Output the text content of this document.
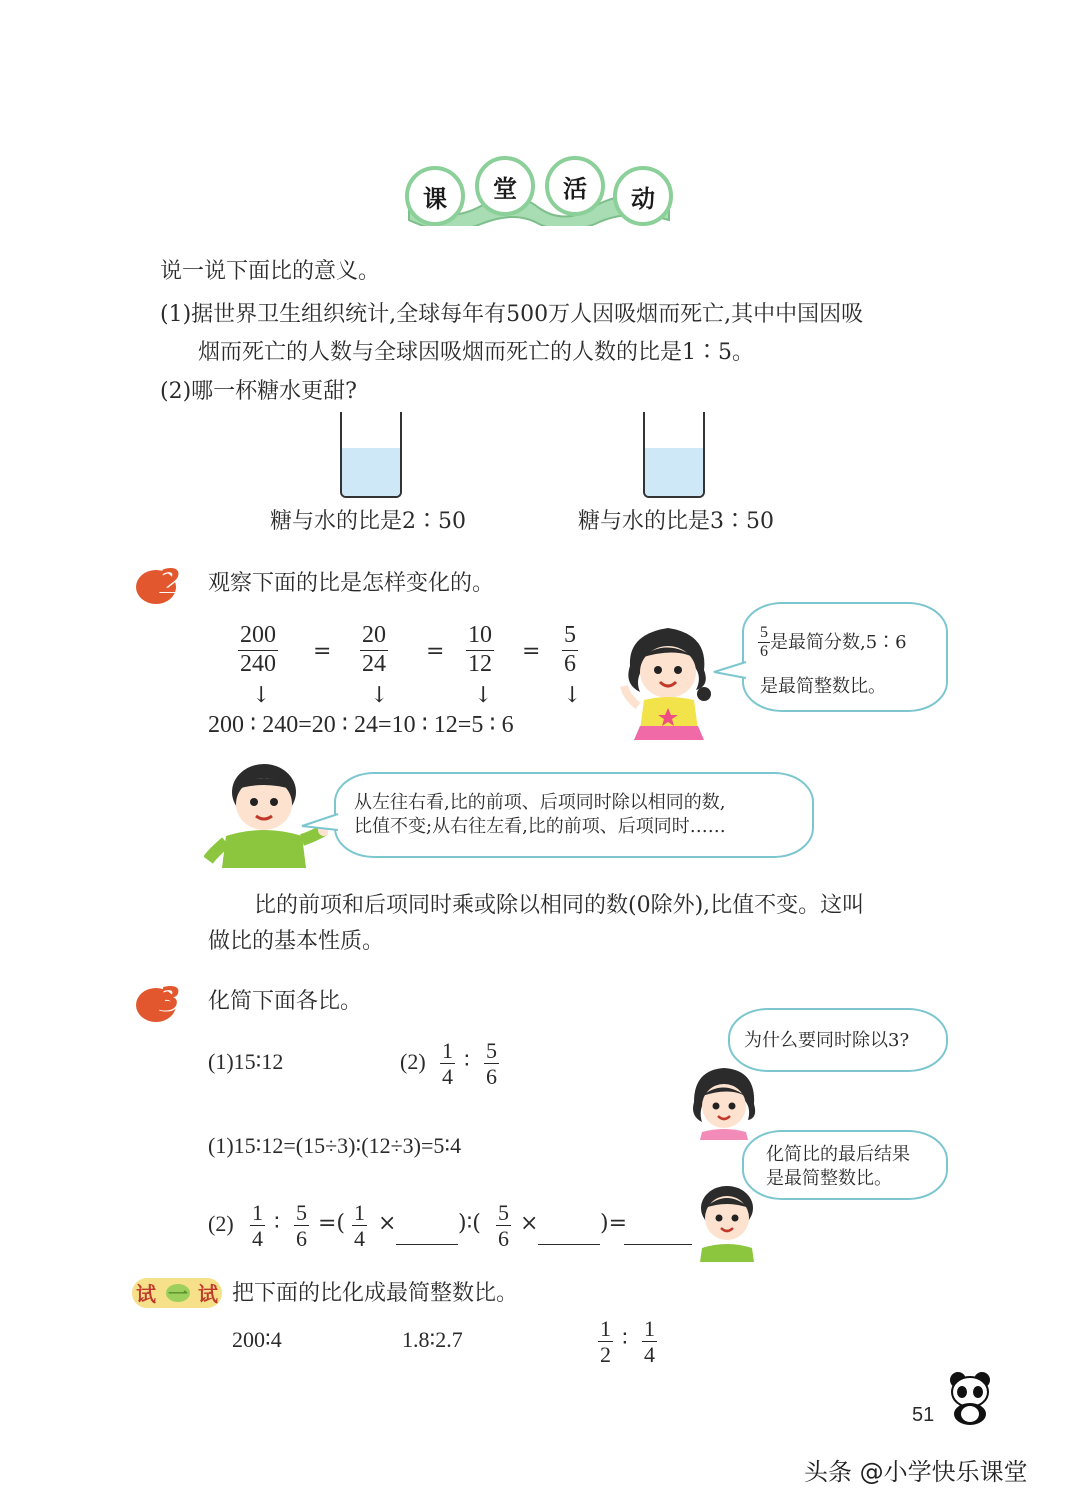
课	堂	活	动
说一说下面比的意义。
(1)据世界卫生组织统计,全球每年有500万人因吸烟而死亡,其中中国因吸
烟而死亡的人数与全球因吸烟而死亡的人数的比是1∶5。
(2)哪一杯糖水更甜?
糖与水的比是2∶50	糖与水的比是3∶50
2 观察下面的比是怎样变化的。
$\frac{200}{240} = \frac{20}{24} = \frac{10}{12} = \frac{5}{6}$
↓	↓	↓	↓
200 ∶ 240=20 ∶ 24=10 ∶ 12=5 ∶ 6
$\frac{5}{6}$ 是最简分数,5∶6
是最简整数比。
从左往右看,比的前项、后项同时除以相同的数,
比值不变;从右往左看,比的前项、后项同时……
比的前项和后项同时乘或除以相同的数(0除外),比值不变。这叫
做比的基本性质。
3 化简下面各比。
(1)15∶12	$(2) \frac{1}{4}$ ∶ $\frac{5}{6}$	为什么要同时除以3?
(1)15∶12=(15÷3)∶(12÷3)=5∶4	化简比的最后结果
是最简整数比。
$(2) \frac{1}{4}$ ∶ $\frac{5}{6}$ =( $\frac{1}{4}$ ×	)∶( $\frac{5}{6}$ ×	)=
试 一 试 把下面的比化成最简整数比。
200∶4	1.8∶2.7	$\frac{1}{2}$ ∶ $\frac{1}{4}$
51
头条 @小学快乐课堂
